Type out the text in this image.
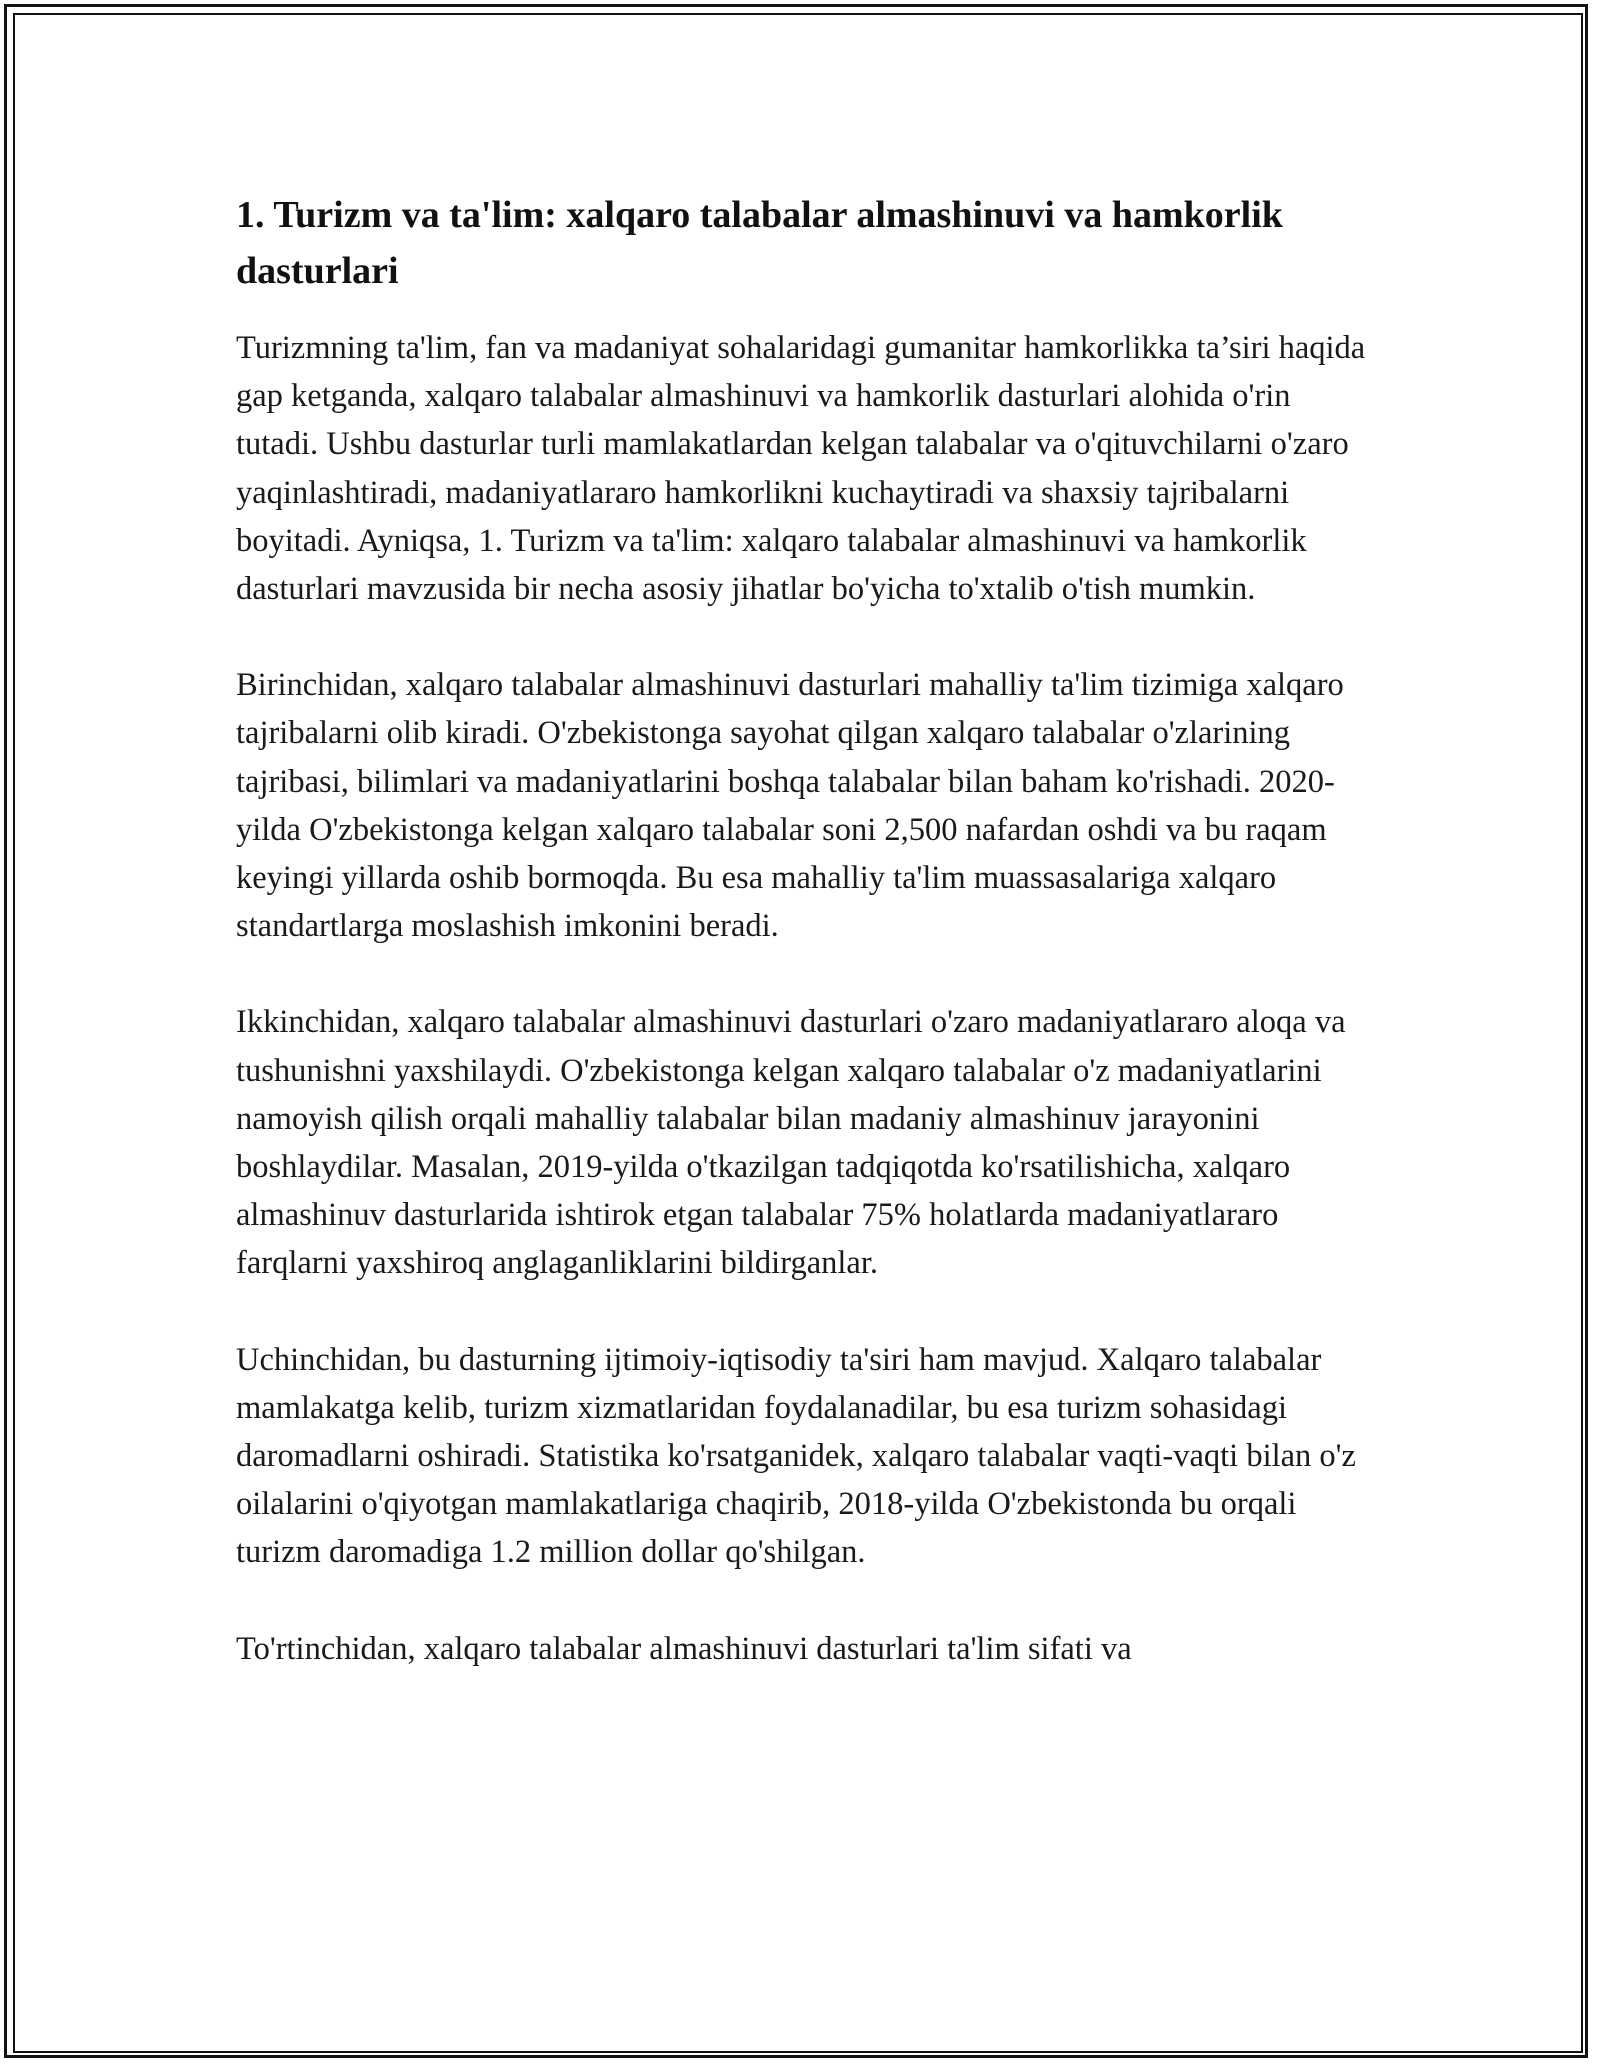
1. Turizm va ta'lim: xalqaro talabalar almashinuvi va hamkorlik dasturlari

Turizmning ta'lim, fan va madaniyat sohalaridagi gumanitar hamkorlikka ta’siri haqida gap ketganda, xalqaro talabalar almashinuvi va hamkorlik dasturlari alohida o'rin tutadi. Ushbu dasturlar turli mamlakatlardan kelgan talabalar va o'qituvchilarni o'zaro yaqinlashtiradi, madaniyatlararo hamkorlikni kuchaytiradi va shaxsiy tajribalarni boyitadi. Ayniqsa, 1. Turizm va ta'lim: xalqaro talabalar almashinuvi va hamkorlik dasturlari mavzusida bir necha asosiy jihatlar bo'yicha to'xtalib o'tish mumkin.

Birinchidan, xalqaro talabalar almashinuvi dasturlari mahalliy ta'lim tizimiga xalqaro tajribalarni olib kiradi. O'zbekistonga sayohat qilgan xalqaro talabalar o'zlarining tajribasi, bilimlari va madaniyatlarini boshqa talabalar bilan baham ko'rishadi. 2020-yilda O'zbekistonga kelgan xalqaro talabalar soni 2,500 nafardan oshdi va bu raqam keyingi yillarda oshib bormoqda. Bu esa mahalliy ta'lim muassasalariga xalqaro standartlarga moslashish imkonini beradi.

Ikkinchidan, xalqaro talabalar almashinuvi dasturlari o'zaro madaniyatlararo aloqa va tushunishni yaxshilaydi. O'zbekistonga kelgan xalqaro talabalar o'z madaniyatlarini namoyish qilish orqali mahalliy talabalar bilan madaniy almashinuv jarayonini boshlaydilar. Masalan, 2019-yilda o'tkazilgan tadqiqotda ko'rsatilishicha, xalqaro almashinuv dasturlarida ishtirok etgan talabalar 75% holatlarda madaniyatlararo farqlarni yaxshiroq anglaganliklarini bildirganlar.

Uchinchidan, bu dasturning ijtimoiy-iqtisodiy ta'siri ham mavjud. Xalqaro talabalar mamlakatga kelib, turizm xizmatlaridan foydalanadilar, bu esa turizm sohasidagi daromadlarni oshiradi. Statistika ko'rsatganidek, xalqaro talabalar vaqti-vaqti bilan o'z oilalarini o'qiyotgan mamlakatlariga chaqirib, 2018-yilda O'zbekistonda bu orqali turizm daromadiga 1.2 million dollar qo'shilgan.

To'rtinchidan, xalqaro talabalar almashinuvi dasturlari ta'lim sifati va
